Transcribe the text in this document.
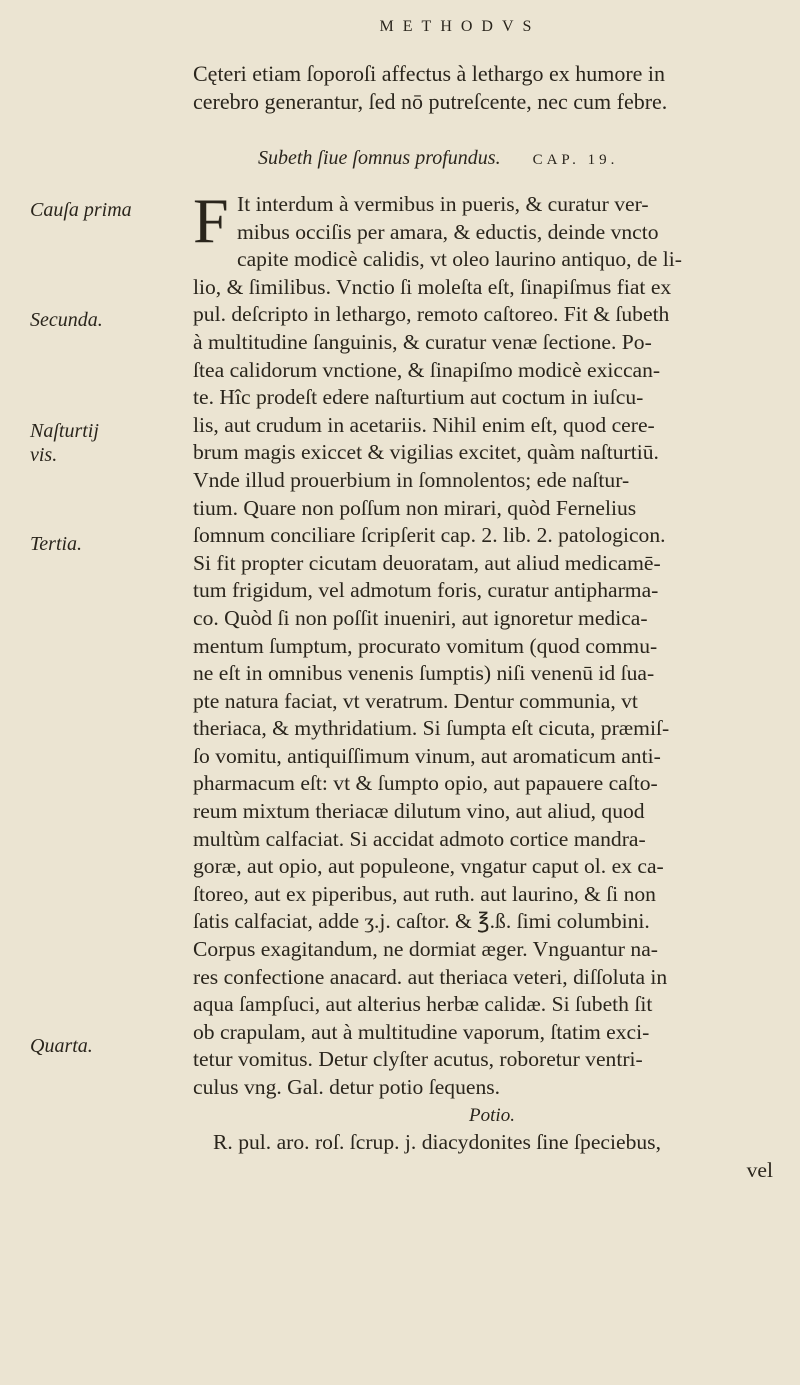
METHODVS
Cęteri etiam ſoporoſi affectus à lethargo ex humore in
cerebro generantur, ſed nō putreſcente, nec cum febre.
Subeth ſiue ſomnus profundus. CAP. 19.
Cauſa prima
Secunda.
Naſturtij
vis.
Tertia.
Quarta.
F It interdum à vermibus in pueris, & curatur ver-
mibus occiſis per amara, & eductis, deinde vncto
capite modicè calidis, vt oleo laurino antiquo, de li-
lio, & ſimilibus. Vnctio ſi moleſta eſt, ſinapiſmus fiat ex
pul. deſcripto in lethargo, remoto caſtoreo. Fit & ſubeth
à multitudine ſanguinis, & curatur venæ ſectione. Po-
ſtea calidorum vnctione, & ſinapiſmo modicè exiccan-
te. Hîc prodeſt edere naſturtium aut coctum in iuſcu-
lis, aut crudum in acetariis. Nihil enim eſt, quod cere-
brum magis exiccet & vigilias excitet, quàm naſturtiū.
Vnde illud prouerbium in ſomnolentos; ede naſtur-
tium. Quare non poſſum non mirari, quòd Fernelius
ſomnum conciliare ſcripſerit cap. 2. lib. 2. patologicon.
Si fit propter cicutam deuoratam, aut aliud medicamē-
tum frigidum, vel admotum foris, curatur antipharma-
co. Quòd ſi non poſſit inueniri, aut ignoretur medica-
mentum ſumptum, procurato vomitum (quod commu-
ne eſt in omnibus venenis ſumptis) niſi venenū id ſua-
pte natura faciat, vt veratrum. Dentur communia, vt
theriaca, & mythridatium. Si ſumpta eſt cicuta, præmiſ-
ſo vomitu, antiquiſſimum vinum, aut aromaticum anti-
pharmacum eſt: vt & ſumpto opio, aut papauere caſto-
reum mixtum theriacæ dilutum vino, aut aliud, quod
multùm calfaciat. Si accidat admoto cortice mandra-
goræ, aut opio, aut populeone, vngatur caput ol. ex ca-
ſtoreo, aut ex piperibus, aut ruth. aut laurino, & ſi non
ſatis calfaciat, adde ʒ.j. caſtor. & ℥.ß. ſimi columbini.
Corpus exagitandum, ne dormiat æger. Vnguantur na-
res confectione anacard. aut theriaca veteri, diſſoluta in
aqua ſampſuci, aut alterius herbæ calidæ. Si ſubeth ſit
ob crapulam, aut à multitudine vaporum, ſtatim exci-
tetur vomitus. Detur clyſter acutus, roboretur ventri-
culus vng. Gal. detur potio ſequens.
Potio.
R. pul. aro. roſ. ſcrup. j. diacydonites ſine ſpeciebus,
vel
